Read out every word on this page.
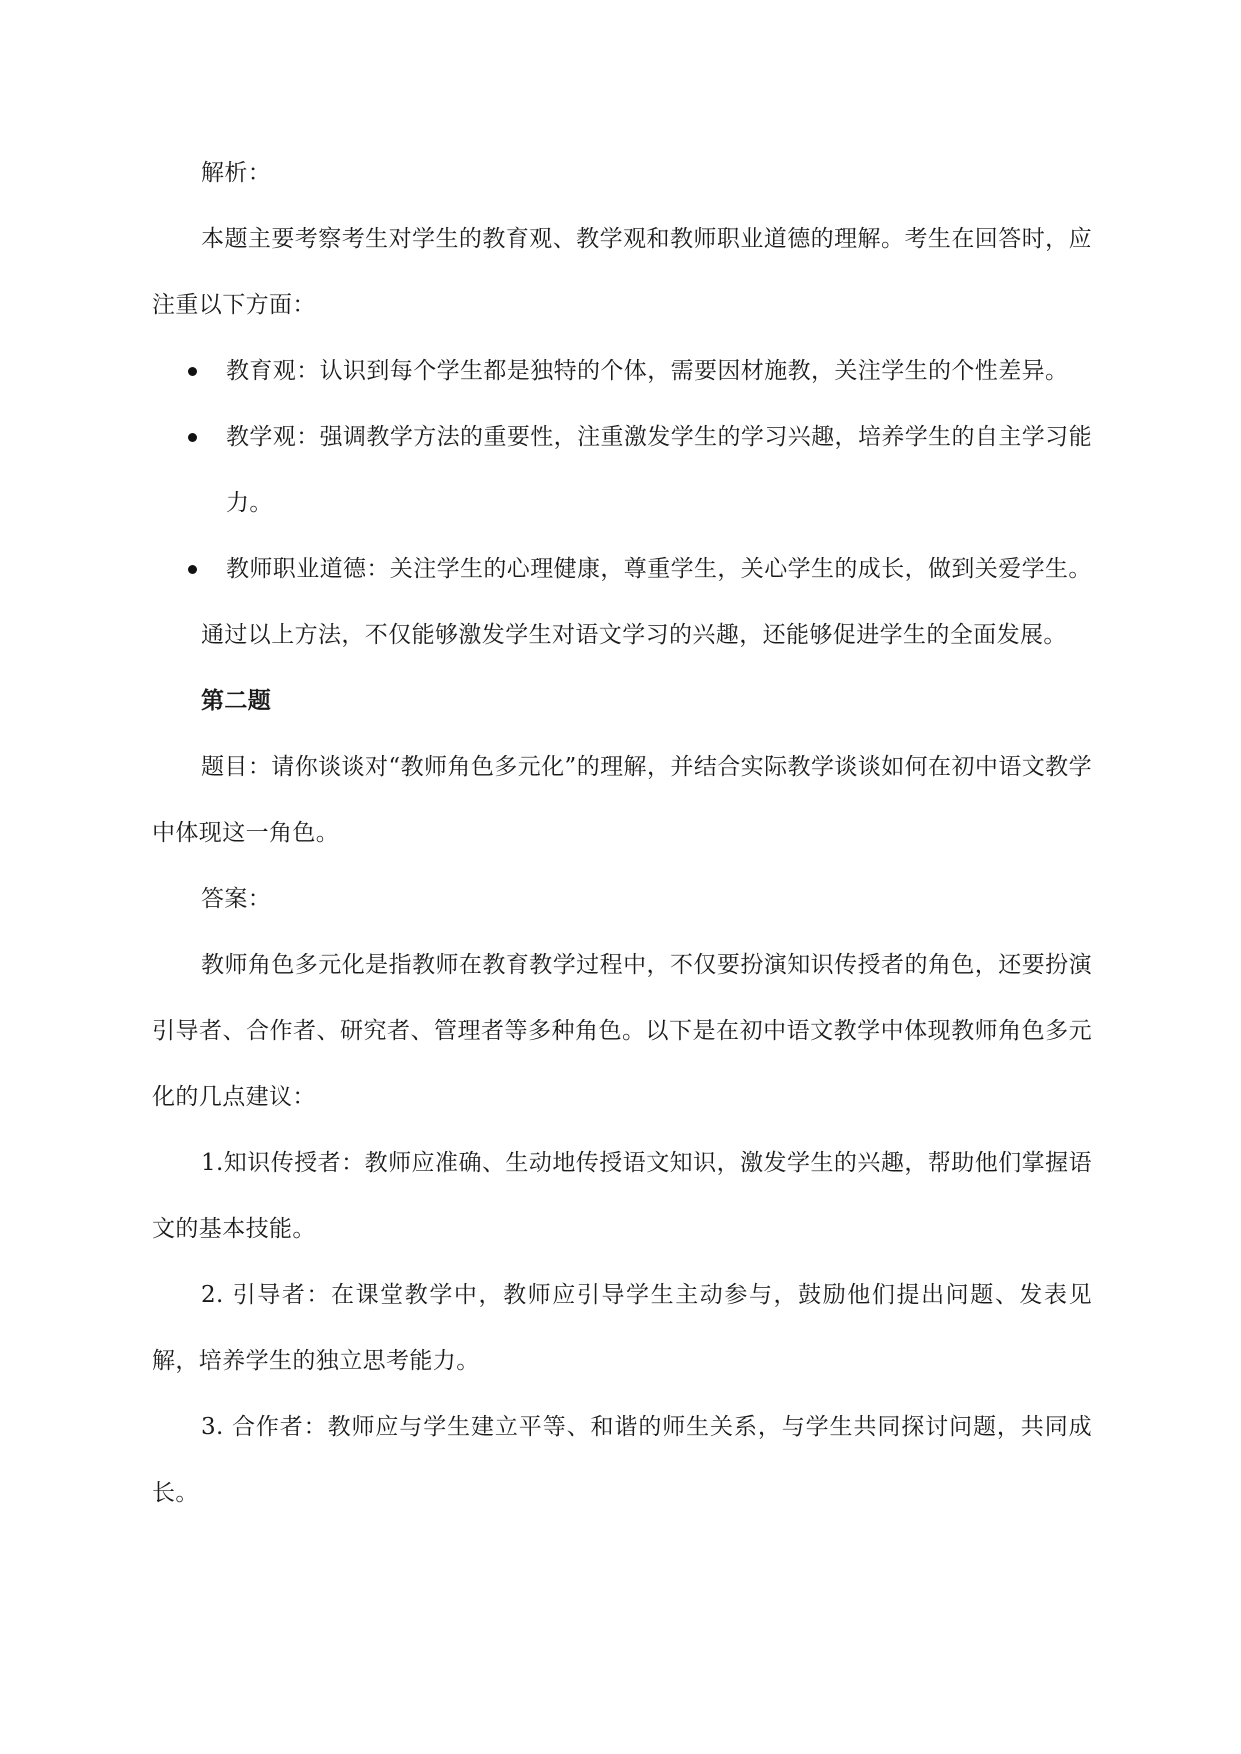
解析：

本题主要考察考生对学生的教育观、教学观和教师职业道德的理解。考生在回答时，应注重以下方面：

教育观：认识到每个学生都是独特的个体，需要因材施教，关注学生的个性差异。
教学观：强调教学方法的重要性，注重激发学生的学习兴趣，培养学生的自主学习能力。
教师职业道德：关注学生的心理健康，尊重学生，关心学生的成长，做到关爱学生。

通过以上方法，不仅能够激发学生对语文学习的兴趣，还能够促进学生的全面发展。

第二题

题目：请你谈谈对“教师角色多元化”的理解，并结合实际教学谈谈如何在初中语文教学中体现这一角色。

答案：

教师角色多元化是指教师在教育教学过程中，不仅要扮演知识传授者的角色，还要扮演引导者、合作者、研究者、管理者等多种角色。以下是在初中语文教学中体现教师角色多元化的几点建议：

1.知识传授者：教师应准确、生动地传授语文知识，激发学生的兴趣，帮助他们掌握语文的基本技能。

2. 引导者：在课堂教学中，教师应引导学生主动参与，鼓励他们提出问题、发表见解，培养学生的独立思考能力。

3. 合作者：教师应与学生建立平等、和谐的师生关系，与学生共同探讨问题，共同成长。
